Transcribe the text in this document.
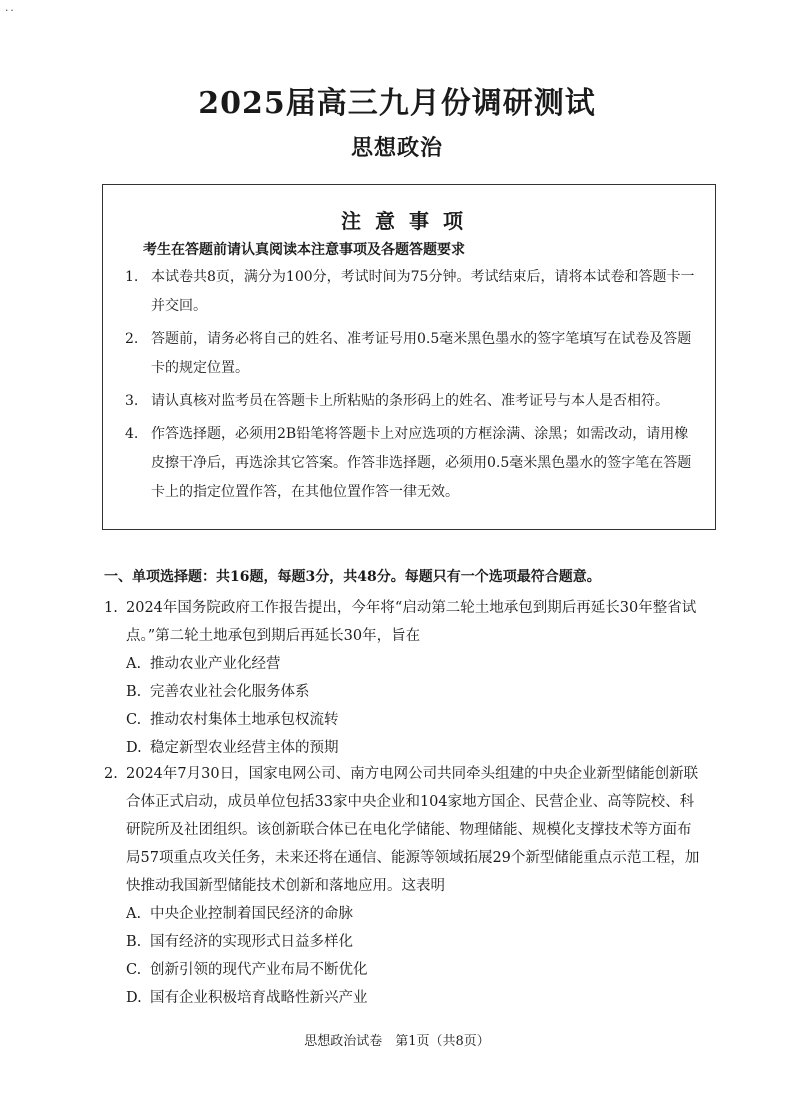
..
2025届高三九月份调研测试
思想政治
注意事项
考生在答题前请认真阅读本注意事项及各题答题要求
1. 本试卷共8页，满分为100分，考试时间为75分钟。考试结束后，请将本试卷和答题卡一并交回。
2. 答题前，请务必将自己的姓名、准考证号用0.5毫米黑色墨水的签字笔填写在试卷及答题卡的规定位置。
3. 请认真核对监考员在答题卡上所粘贴的条形码上的姓名、准考证号与本人是否相符。
4. 作答选择题，必须用2B铅笔将答题卡上对应选项的方框涂满、涂黑；如需改动，请用橡皮擦干净后，再选涂其它答案。作答非选择题，必须用0.5毫米黑色墨水的签字笔在答题卡上的指定位置作答，在其他位置作答一律无效。
一、单项选择题：共16题，每题3分，共48分。每题只有一个选项最符合题意。
1. 2024年国务院政府工作报告提出，今年将“启动第二轮土地承包到期后再延长30年整省试点。”第二轮土地承包到期后再延长30年，旨在
A. 推动农业产业化经营
B. 完善农业社会化服务体系
C. 推动农村集体土地承包权流转
D. 稳定新型农业经营主体的预期
2. 2024年7月30日，国家电网公司、南方电网公司共同牵头组建的中央企业新型储能创新联合体正式启动，成员单位包括33家中央企业和104家地方国企、民营企业、高等院校、科研院所及社团组织。该创新联合体已在电化学储能、物理储能、规模化支撑技术等方面布局57项重点攻关任务，未来还将在通信、能源等领域拓展29个新型储能重点示范工程，加快推动我国新型储能技术创新和落地应用。这表明
A. 中央企业控制着国民经济的命脉
B. 国有经济的实现形式日益多样化
C. 创新引领的现代产业布局不断优化
D. 国有企业积极培育战略性新兴产业
思想政治试卷　第1页（共8页）
